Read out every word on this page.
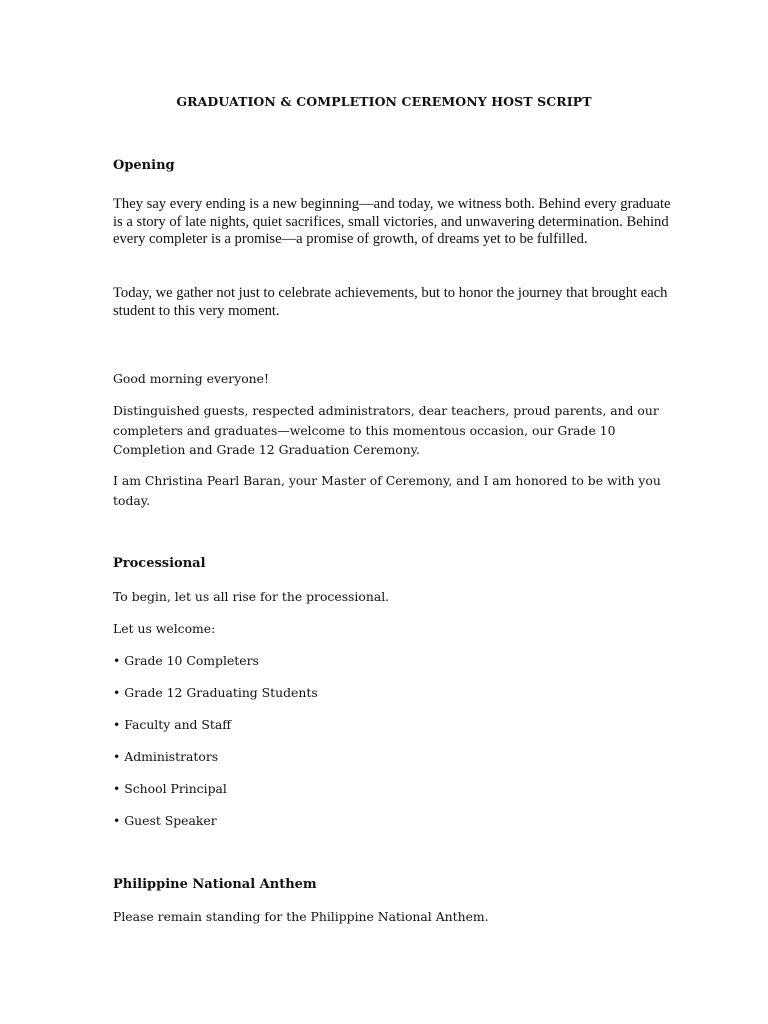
GRADUATION & COMPLETION CEREMONY HOST SCRIPT
Opening

They say every ending is a new beginning—and today, we witness both. Behind every graduate is a story of late nights, quiet sacrifices, small victories, and unwavering determination. Behind every completer is a promise—a promise of growth, of dreams yet to be fulfilled.

Today, we gather not just to celebrate achievements, but to honor the journey that brought each student to this very moment.

Good morning everyone!

Distinguished guests, respected administrators, dear teachers, proud parents, and our completers and graduates—welcome to this momentous occasion, our Grade 10 Completion and Grade 12 Graduation Ceremony.

I am Christina Pearl Baran, your Master of Ceremony, and I am honored to be with you today.

Processional

To begin, let us all rise for the processional.

Let us welcome:

• Grade 10 Completers

• Grade 12 Graduating Students

• Faculty and Staff

• Administrators

• School Principal

• Guest Speaker

Philippine National Anthem

Please remain standing for the Philippine National Anthem.
